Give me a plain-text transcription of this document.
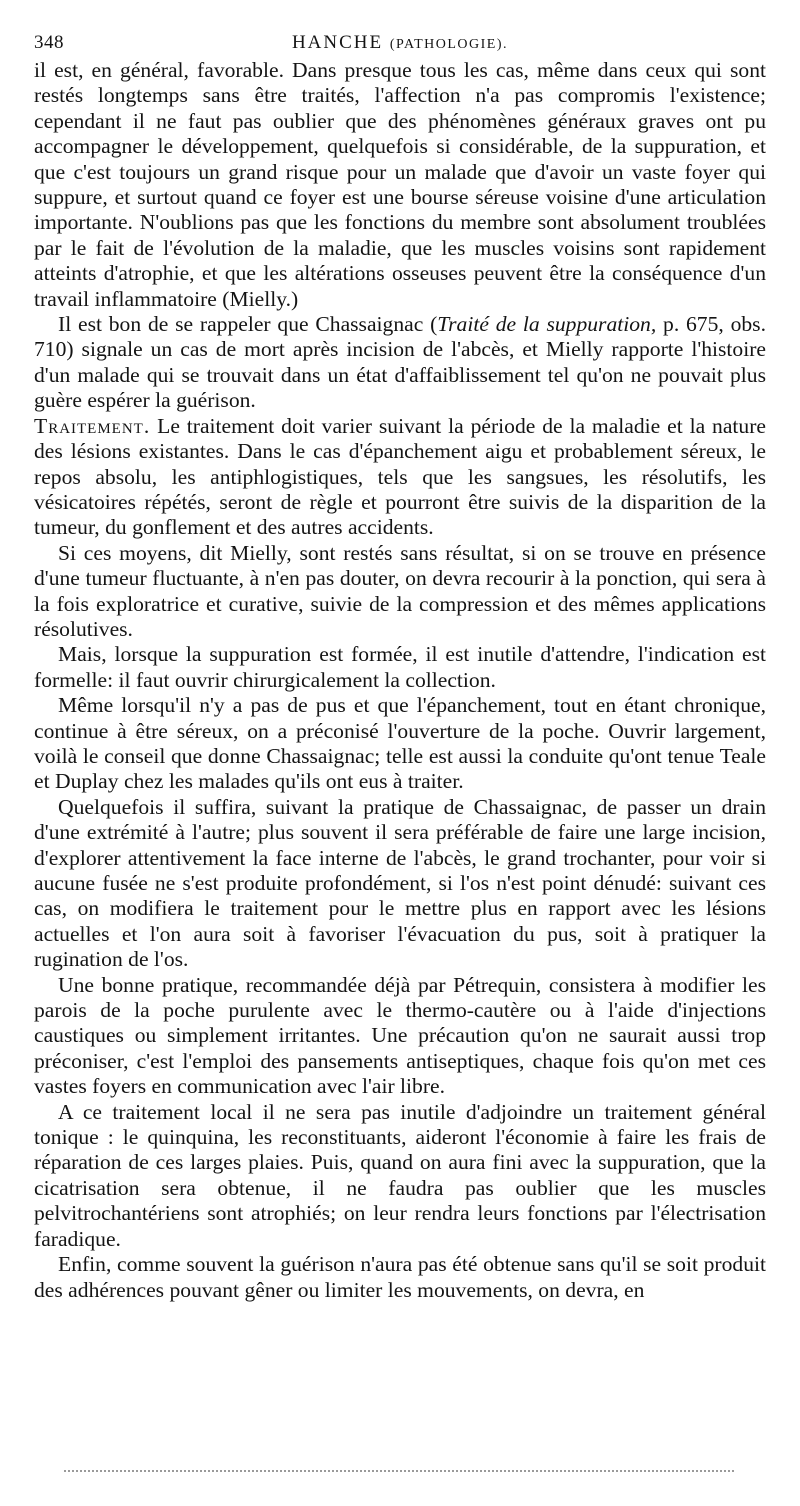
348	HANCHE (PATHOLOGIE).

il est, en général, favorable. Dans presque tous les cas, même dans ceux qui sont restés longtemps sans être traités, l'affection n'a pas compromis l'existence; cependant il ne faut pas oublier que des phénomènes généraux graves ont pu accompagner le développement, quelquefois si considérable, de la suppuration, et que c'est toujours un grand risque pour un malade que d'avoir un vaste foyer qui suppure, et surtout quand ce foyer est une bourse séreuse voisine d'une articulation importante. N'oublions pas que les fonctions du membre sont absolument troublées par le fait de l'évolution de la maladie, que les muscles voisins sont rapidement atteints d'atrophie, et que les altérations osseuses peuvent être la conséquence d'un travail inflammatoire (Mielly.)

Il est bon de se rappeler que Chassaignac (Traité de la suppuration, p. 675, obs. 710) signale un cas de mort après incision de l'abcès, et Mielly rapporte l'histoire d'un malade qui se trouvait dans un état d'affaiblissement tel qu'on ne pouvait plus guère espérer la guérison.

Traitement. Le traitement doit varier suivant la période de la maladie et la nature des lésions existantes. Dans le cas d'épanchement aigu et probablement séreux, le repos absolu, les antiphlogistiques, tels que les sangsues, les résolutifs, les vésicatoires répétés, seront de règle et pourront être suivis de la disparition de la tumeur, du gonflement et des autres accidents.

Si ces moyens, dit Mielly, sont restés sans résultat, si on se trouve en présence d'une tumeur fluctuante, à n'en pas douter, on devra recourir à la ponction, qui sera à la fois exploratrice et curative, suivie de la compression et des mêmes applications résolutives.

Mais, lorsque la suppuration est formée, il est inutile d'attendre, l'indication est formelle: il faut ouvrir chirurgicalement la collection.

Même lorsqu'il n'y a pas de pus et que l'épanchement, tout en étant chronique, continue à être séreux, on a préconisé l'ouverture de la poche. Ouvrir largement, voilà le conseil que donne Chassaignac; telle est aussi la conduite qu'ont tenue Teale et Duplay chez les malades qu'ils ont eus à traiter.

Quelquefois il suffira, suivant la pratique de Chassaignac, de passer un drain d'une extrémité à l'autre; plus souvent il sera préférable de faire une large incision, d'explorer attentivement la face interne de l'abcès, le grand trochanter, pour voir si aucune fusée ne s'est produite profondément, si l'os n'est point dénudé: suivant ces cas, on modifiera le traitement pour le mettre plus en rapport avec les lésions actuelles et l'on aura soit à favoriser l'évacuation du pus, soit à pratiquer la rugination de l'os.

Une bonne pratique, recommandée déjà par Pétrequin, consistera à modifier les parois de la poche purulente avec le thermo-cautère ou à l'aide d'injections caustiques ou simplement irritantes. Une précaution qu'on ne saurait aussi trop préconiser, c'est l'emploi des pansements antiseptiques, chaque fois qu'on met ces vastes foyers en communication avec l'air libre.

A ce traitement local il ne sera pas inutile d'adjoindre un traitement général tonique : le quinquina, les reconstituants, aideront l'économie à faire les frais de réparation de ces larges plaies. Puis, quand on aura fini avec la suppuration, que la cicatrisation sera obtenue, il ne faudra pas oublier que les muscles pelvitrochantériens sont atrophiés; on leur rendra leurs fonctions par l'électrisation faradique.

Enfin, comme souvent la guérison n'aura pas été obtenue sans qu'il se soit produit des adhérences pouvant gêner ou limiter les mouvements, on devra, en
